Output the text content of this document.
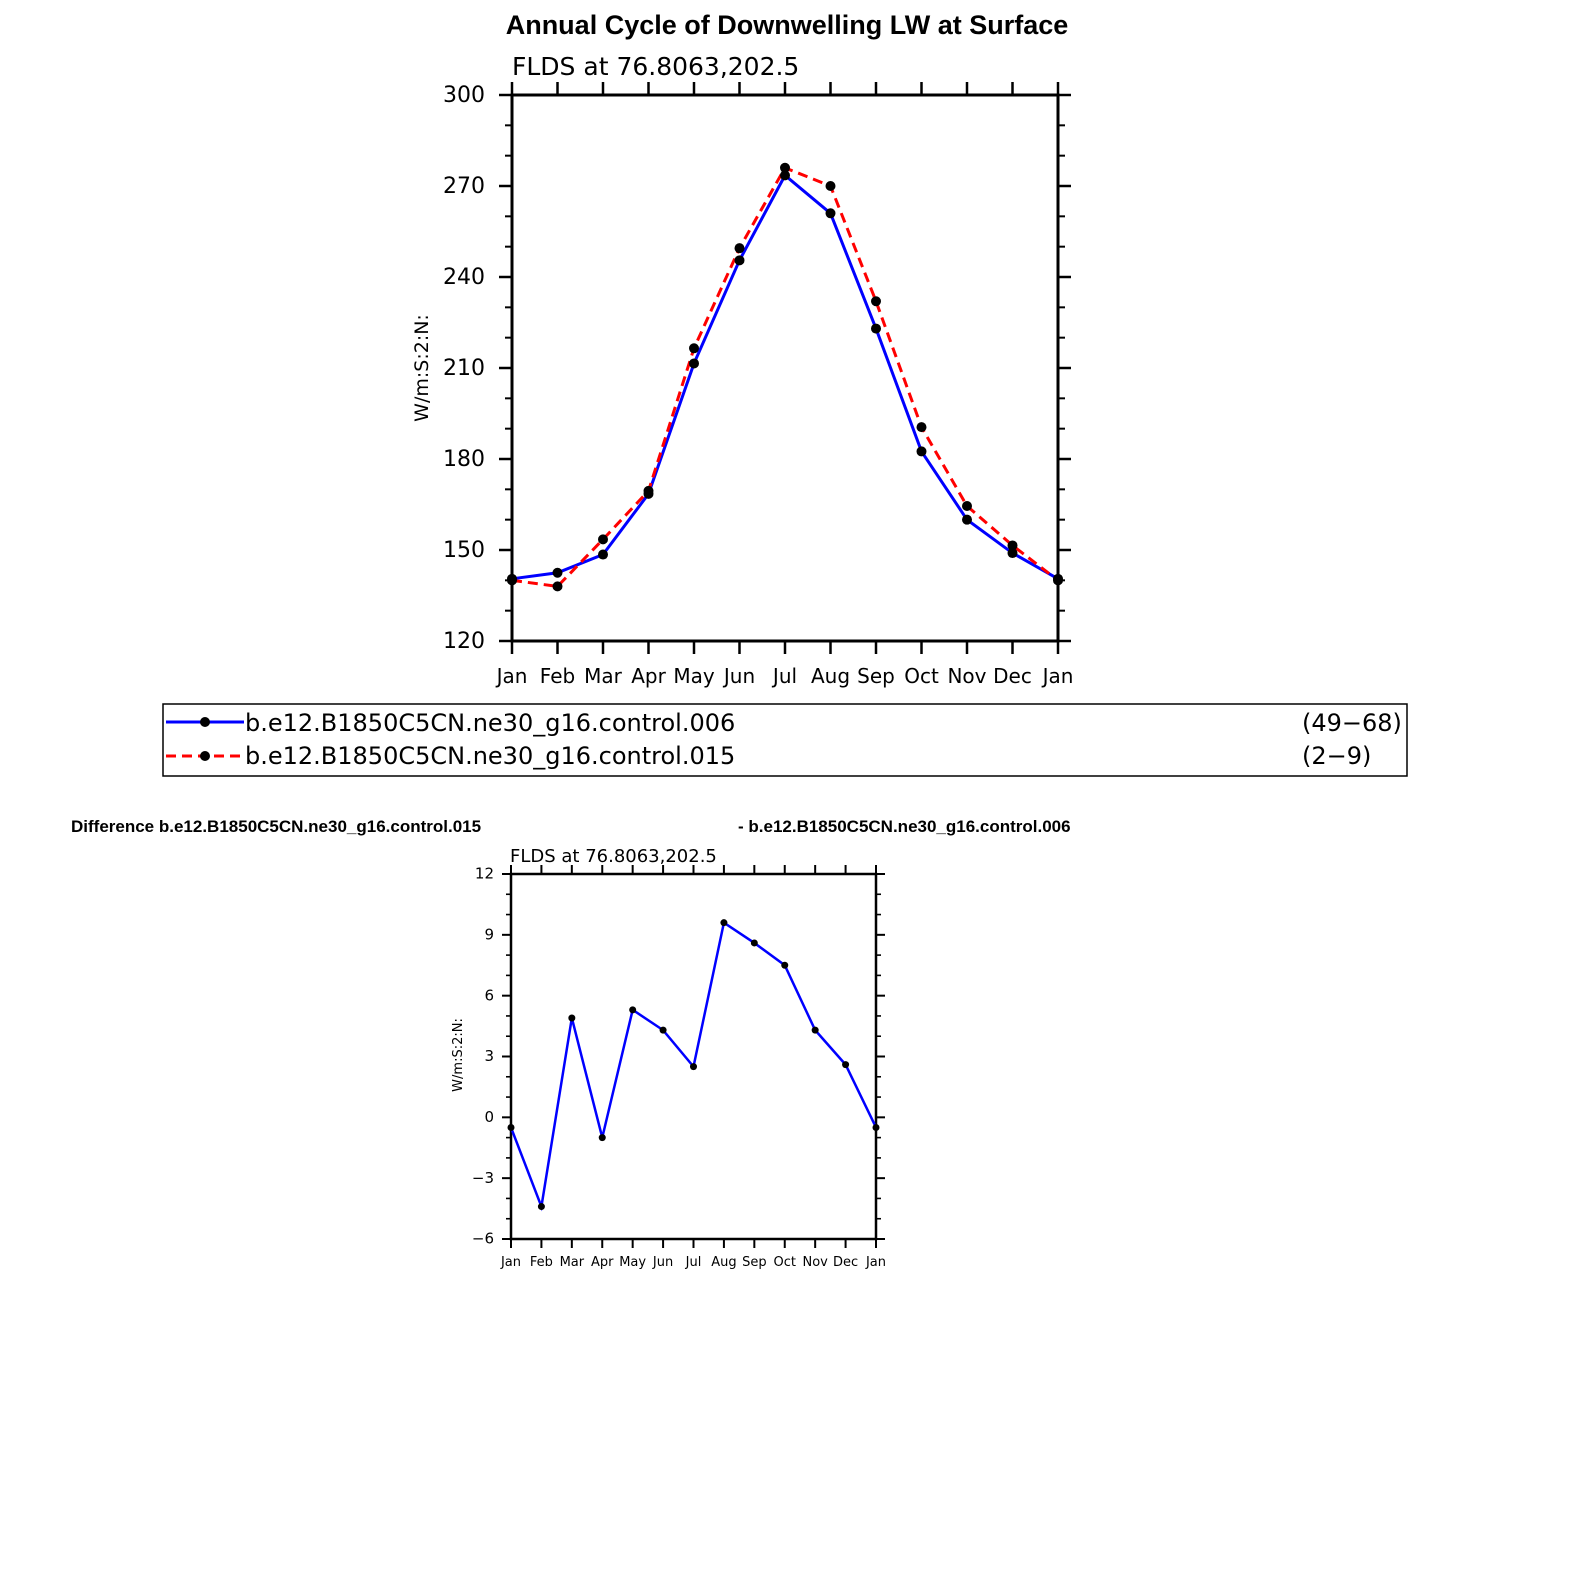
Annual Cycle of Downwelling LW at Surface
FLDS at 76.8063,202.5
W/m:S:2:N:
120
150
180
210
240
270
300
Jan Feb Mar Apr May Jun Jul Aug Sep Oct Nov Dec Jan
b.e12.B1850C5CN.ne30_g16.control.006	(49−68)
b.e12.B1850C5CN.ne30_g16.control.015	(2−9)
Difference b.e12.B1850C5CN.ne30_g16.control.015	- b.e12.B1850C5CN.ne30_g16.control.006
FLDS at 76.8063,202.5
W/m:S:2:N:
−6
−3
0
3
6
9
12
Jan Feb Mar Apr May Jun Jul Aug Sep Oct Nov Dec Jan
